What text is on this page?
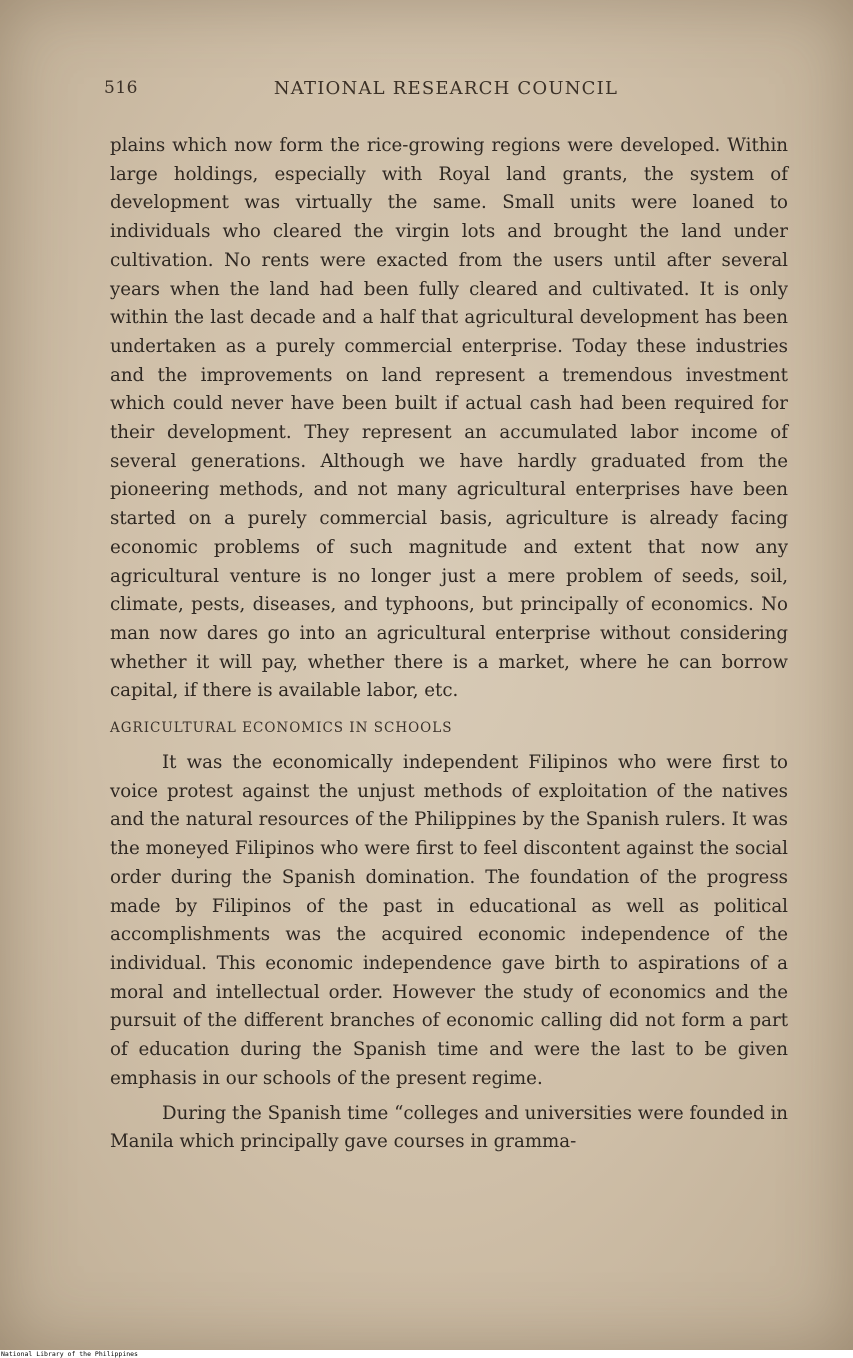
516	NATIONAL RESEARCH COUNCIL

plains which now form the rice-growing regions were developed. Within large holdings, especially with Royal land grants, the system of development was virtually the same. Small units were loaned to individuals who cleared the virgin lots and brought the land under cultivation. No rents were exacted from the users until after several years when the land had been fully cleared and cultivated. It is only within the last decade and a half that agricultural development has been undertaken as a purely commercial enterprise. Today these industries and the improvements on land represent a tremendous investment which could never have been built if actual cash had been required for their development. They represent an accumulated labor income of several generations. Although we have hardly graduated from the pioneering methods, and not many agricultural enterprises have been started on a purely commercial basis, agriculture is already facing economic problems of such magnitude and extent that now any agricultural venture is no longer just a mere problem of seeds, soil, climate, pests, diseases, and typhoons, but principally of economics. No man now dares go into an agricultural enterprise without considering whether it will pay, whether there is a market, where he can borrow capital, if there is available labor, etc.

AGRICULTURAL ECONOMICS IN SCHOOLS

It was the economically independent Filipinos who were first to voice protest against the unjust methods of exploitation of the natives and the natural resources of the Philippines by the Spanish rulers. It was the moneyed Filipinos who were first to feel discontent against the social order during the Spanish domination. The foundation of the progress made by Filipinos of the past in educational as well as political accomplishments was the acquired economic independence of the individual. This economic independence gave birth to aspirations of a moral and intellectual order. However the study of economics and the pursuit of the different branches of economic calling did not form a part of education during the Spanish time and were the last to be given emphasis in our schools of the present regime.

During the Spanish time “colleges and universities were founded in Manila which principally gave courses in gramma-

National Library of the Philippines
